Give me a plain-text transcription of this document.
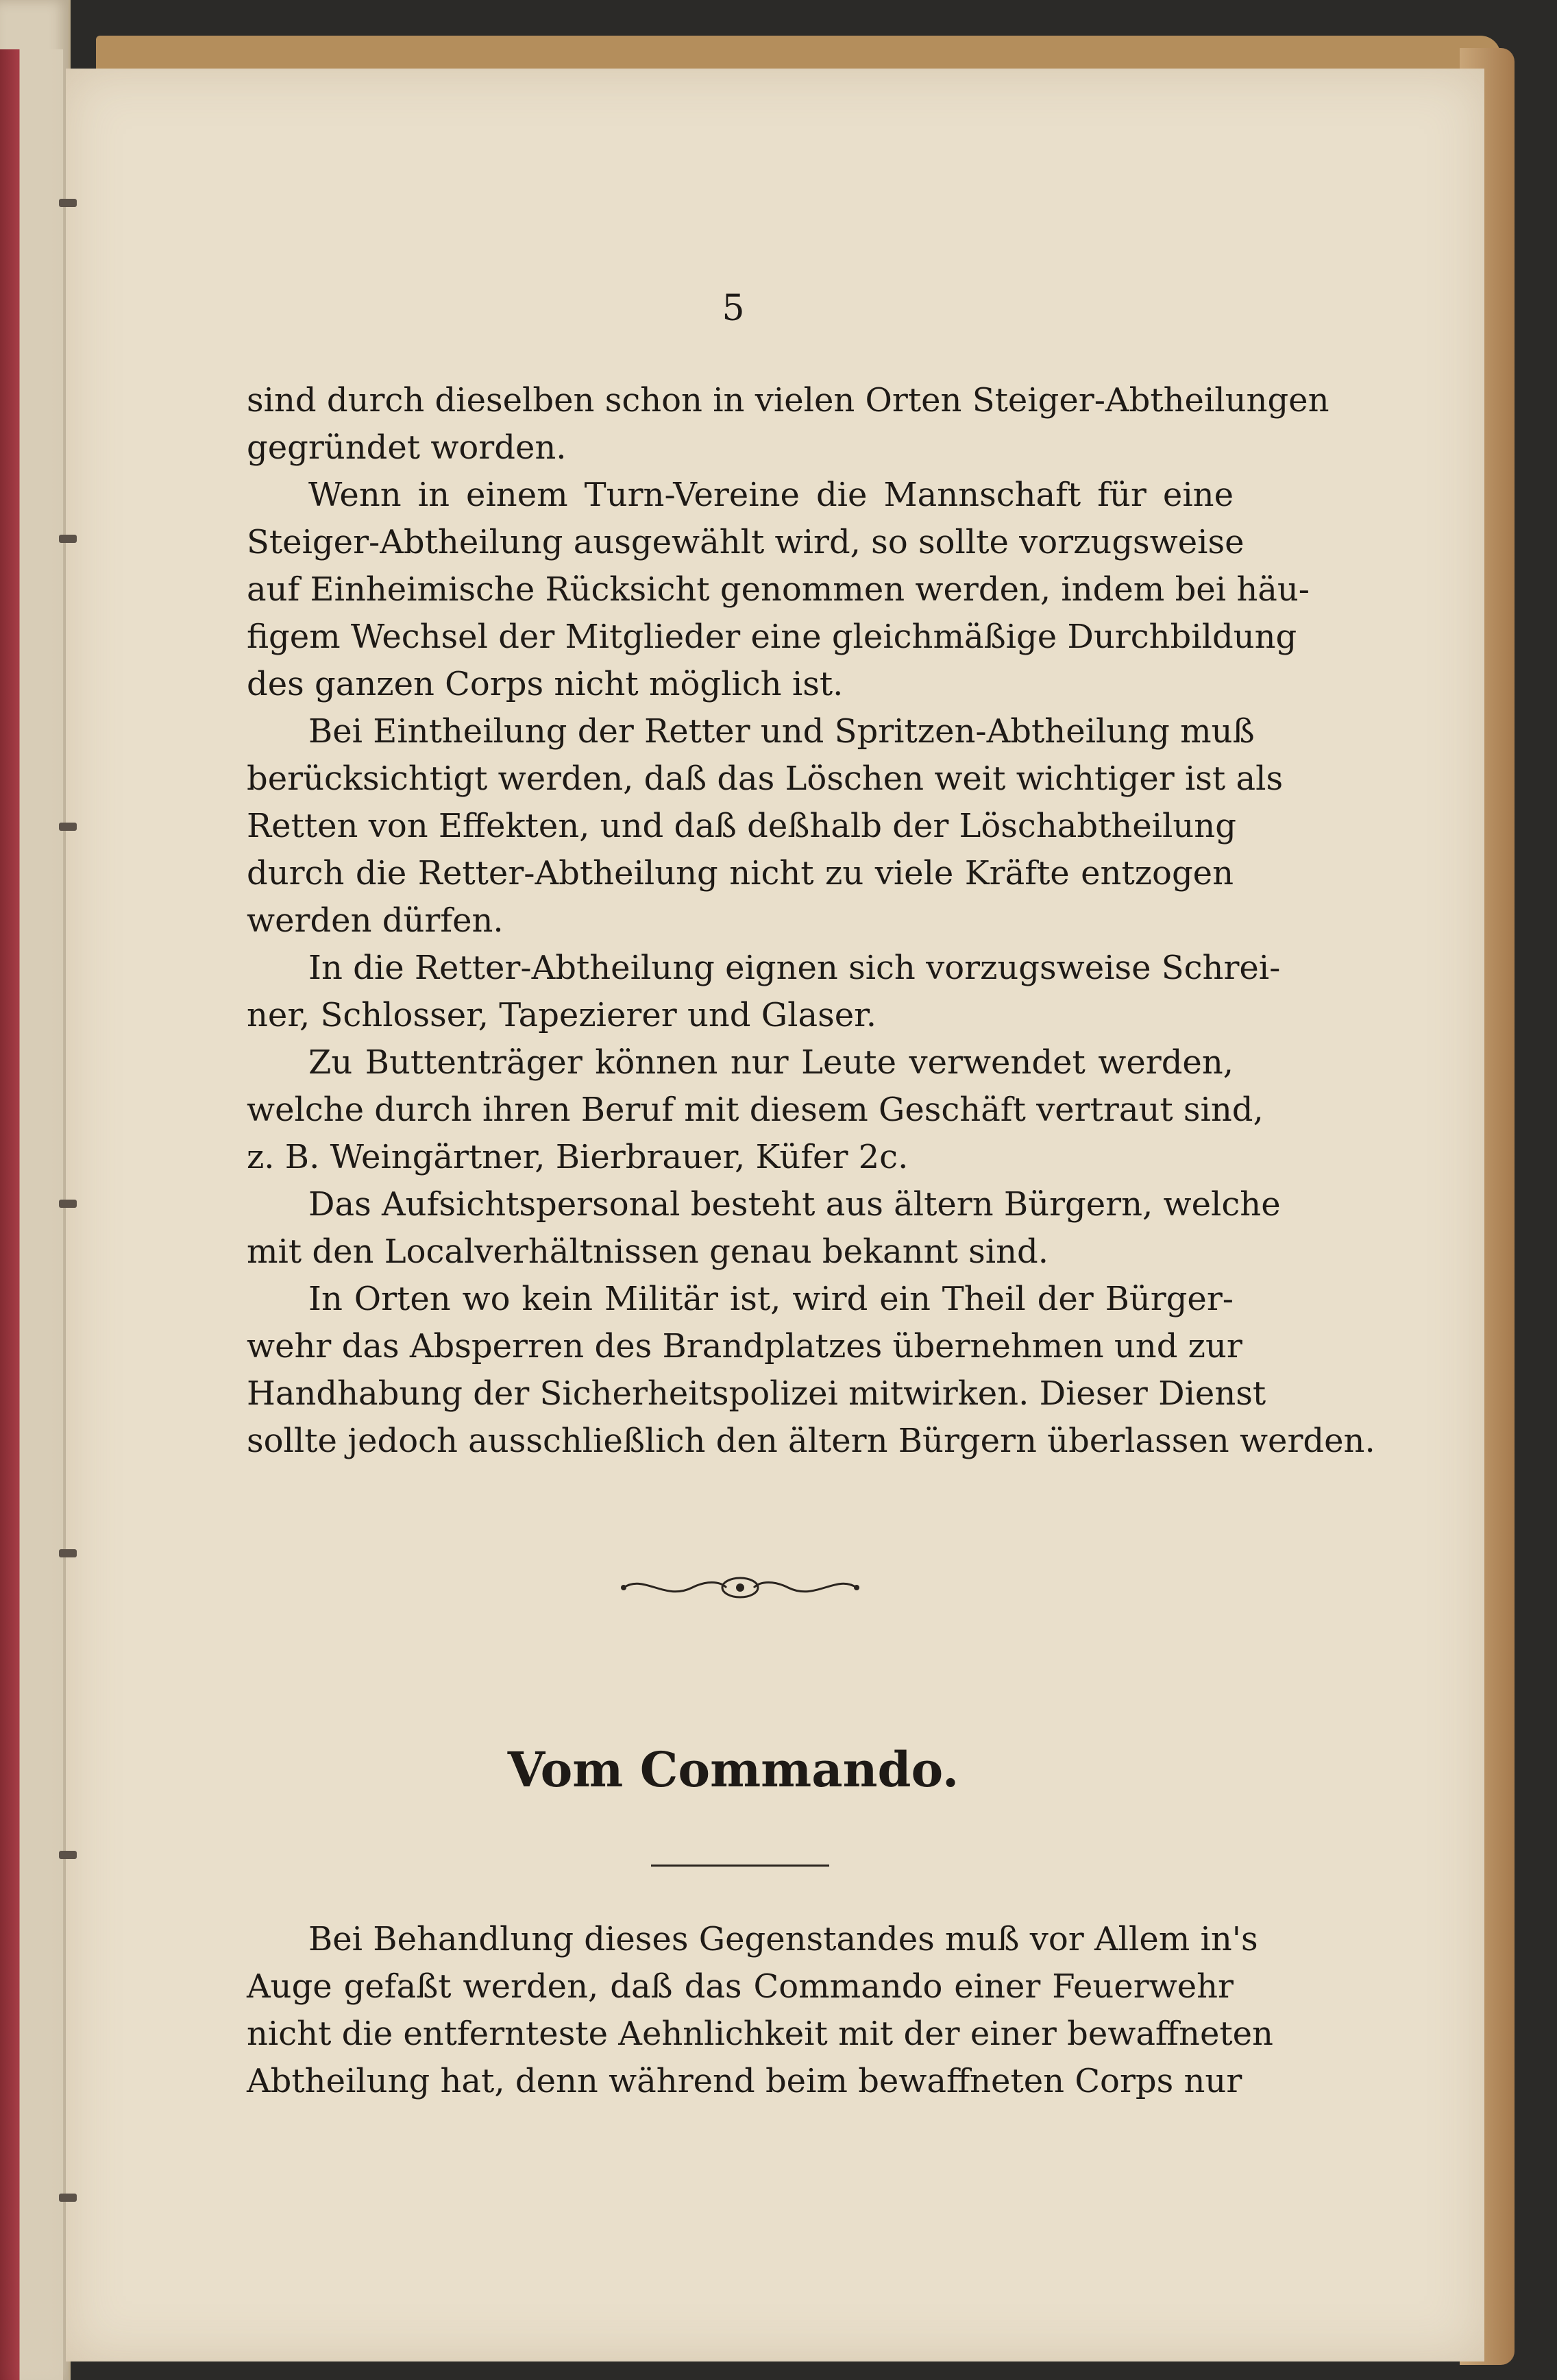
5
sind durch dieselben schon in vielen Orten Steiger-Abtheilungen
gegründet worden.
Wenn in einem Turn-Vereine die Mannschaft für eine
Steiger-Abtheilung ausgewählt wird, so sollte vorzugsweise
auf Einheimische Rücksicht genommen werden, indem bei häu-
figem Wechsel der Mitglieder eine gleichmäßige Durchbildung
des ganzen Corps nicht möglich ist.
Bei Eintheilung der Retter und Spritzen-Abtheilung muß
berücksichtigt werden, daß das Löschen weit wichtiger ist als
Retten von Effekten, und daß deßhalb der Löschabtheilung
durch die Retter-Abtheilung nicht zu viele Kräfte entzogen
werden dürfen.
In die Retter-Abtheilung eignen sich vorzugsweise Schrei-
ner, Schlosser, Tapezierer und Glaser.
Zu Buttenträger können nur Leute verwendet werden,
welche durch ihren Beruf mit diesem Geschäft vertraut sind,
z. B. Weingärtner, Bierbrauer, Küfer 2c.
Das Aufsichtspersonal besteht aus ältern Bürgern, welche
mit den Localverhältnissen genau bekannt sind.
In Orten wo kein Militär ist, wird ein Theil der Bürger-
wehr das Absperren des Brandplatzes übernehmen und zur
Handhabung der Sicherheitspolizei mitwirken. Dieser Dienst
sollte jedoch ausschließlich den ältern Bürgern überlassen werden.
Vom Commando.
Bei Behandlung dieses Gegenstandes muß vor Allem in's
Auge gefaßt werden, daß das Commando einer Feuerwehr
nicht die entfernteste Aehnlichkeit mit der einer bewaffneten
Abtheilung hat, denn während beim bewaffneten Corps nur
